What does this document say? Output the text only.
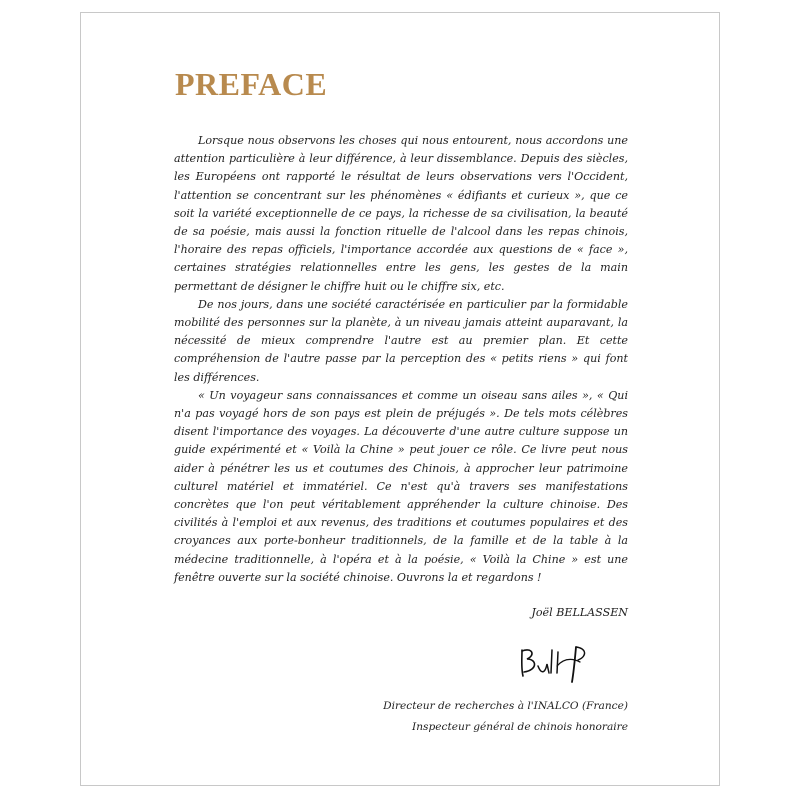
PREFACE

Lorsque nous observons les choses qui nous entourent, nous accordons une attention particulière à leur différence, à leur dissemblance. Depuis des siècles, les Européens ont rapporté le résultat de leurs observations vers l'Occident, l'attention se concentrant sur les phénomènes « édifiants et curieux », que ce soit la variété exceptionnelle de ce pays, la richesse de sa civilisation, la beauté de sa poésie, mais aussi la fonction rituelle de l'alcool dans les repas chinois, l'horaire des repas officiels, l'importance accordée aux questions de « face », certaines stratégies relationnelles entre les gens, les gestes de la main permettant de désigner le chiffre huit ou le chiffre six, etc.

De nos jours, dans une société caractérisée en particulier par la formidable mobilité des personnes sur la planète, à un niveau jamais atteint auparavant, la nécessité de mieux comprendre l'autre est au premier plan. Et cette compréhension de l'autre passe par la perception des « petits riens » qui font les différences.

« Un voyageur sans connaissances et comme un oiseau sans ailes », « Qui n'a pas voyagé hors de son pays est plein de préjugés ». De tels mots célèbres disent l'importance des voyages. La découverte d'une autre culture suppose un guide expérimenté et « Voilà la Chine » peut jouer ce rôle. Ce livre peut nous aider à pénétrer les us et coutumes des Chinois, à approcher leur patrimoine culturel matériel et immatériel. Ce n'est qu'à travers ses manifestations concrètes que l'on peut véritablement appréhender la culture chinoise. Des civilités à l'emploi et aux revenus, des traditions et coutumes populaires et des croyances aux porte-bonheur traditionnels, de la famille et de la table à la médecine traditionnelle, à l'opéra et à la poésie, « Voilà la Chine » est une fenêtre ouverte sur la société chinoise. Ouvrons la et regardons !

Joël BELLASSEN
Directeur de recherches à l'INALCO (France)
Inspecteur général de chinois honoraire
